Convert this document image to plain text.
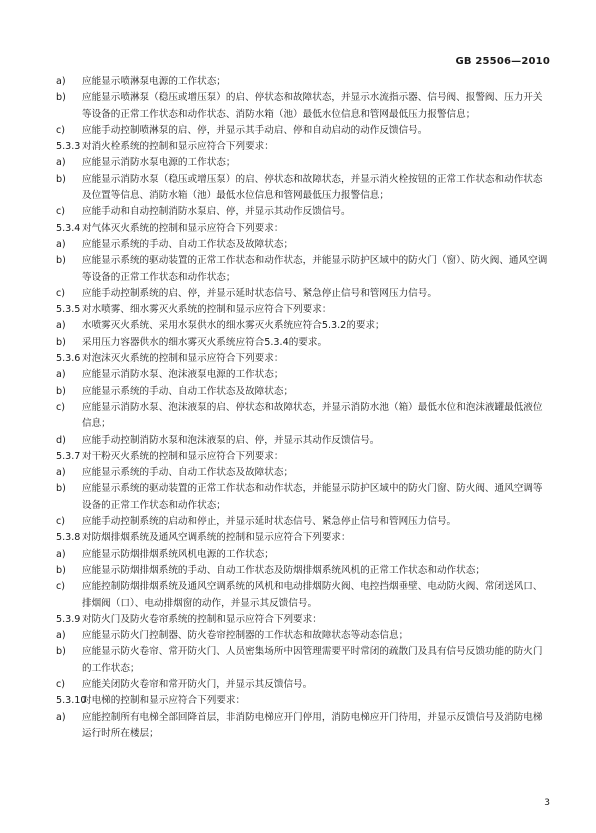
GB 25506—2010
a) 应能显示喷淋泵电源的工作状态；
b) 应能显示喷淋泵（稳压或增压泵）的启、停状态和故障状态，并显示水流指示器、信号阀、报警阀、压力开关等设备的正常工作状态和动作状态、消防水箱（池）最低水位信息和管网最低压力报警信息；
c) 应能手动控制喷淋泵的启、停，并显示其手动启、停和自动启动的动作反馈信号。
5.3.3 对消火栓系统的控制和显示应符合下列要求：
a) 应能显示消防水泵电源的工作状态；
b) 应能显示消防水泵（稳压或增压泵）的启、停状态和故障状态，并显示消火栓按钮的正常工作状态和动作状态及位置等信息、消防水箱（池）最低水位信息和管网最低压力报警信息；
c) 应能手动和自动控制消防水泵启、停，并显示其动作反馈信号。
5.3.4 对气体灭火系统的控制和显示应符合下列要求：
a) 应能显示系统的手动、自动工作状态及故障状态；
b) 应能显示系统的驱动装置的正常工作状态和动作状态，并能显示防护区域中的防火门（窗）、防火阀、通风空调等设备的正常工作状态和动作状态；
c) 应能手动控制系统的启、停，并显示延时状态信号、紧急停止信号和管网压力信号。
5.3.5 对水喷雾、细水雾灭火系统的控制和显示应符合下列要求：
a) 水喷雾灭火系统、采用水泵供水的细水雾灭火系统应符合5.3.2的要求；
b) 采用压力容器供水的细水雾灭火系统应符合5.3.4的要求。
5.3.6 对泡沫灭火系统的控制和显示应符合下列要求：
a) 应能显示消防水泵、泡沫液泵电源的工作状态；
b) 应能显示系统的手动、自动工作状态及故障状态；
c) 应能显示消防水泵、泡沫液泵的启、停状态和故障状态，并显示消防水池（箱）最低水位和泡沫液罐最低液位信息；
d) 应能手动控制消防水泵和泡沫液泵的启、停，并显示其动作反馈信号。
5.3.7 对干粉灭火系统的控制和显示应符合下列要求：
a) 应能显示系统的手动、自动工作状态及故障状态；
b) 应能显示系统的驱动装置的正常工作状态和动作状态，并能显示防护区域中的防火门窗、防火阀、通风空调等设备的正常工作状态和动作状态；
c) 应能手动控制系统的启动和停止，并显示延时状态信号、紧急停止信号和管网压力信号。
5.3.8 对防烟排烟系统及通风空调系统的控制和显示应符合下列要求：
a) 应能显示防烟排烟系统风机电源的工作状态；
b) 应能显示防烟排烟系统的手动、自动工作状态及防烟排烟系统风机的正常工作状态和动作状态；
c) 应能控制防烟排烟系统及通风空调系统的风机和电动排烟防火阀、电控挡烟垂壁、电动防火阀、常闭送风口、排烟阀（口）、电动排烟窗的动作，并显示其反馈信号。
5.3.9 对防火门及防火卷帘系统的控制和显示应符合下列要求：
a) 应能显示防火门控制器、防火卷帘控制器的工作状态和故障状态等动态信息；
b) 应能显示防火卷帘、常开防火门、人员密集场所中因管理需要平时常闭的疏散门及具有信号反馈功能的防火门的工作状态；
c) 应能关闭防火卷帘和常开防火门，并显示其反馈信号。
5.3.10
对电梯的控制和显示应符合下列要求：
a) 应能控制所有电梯全部回降首层，非消防电梯应开门停用，消防电梯应开门待用，并显示反馈信号及消防电梯运行时所在楼层；
3
